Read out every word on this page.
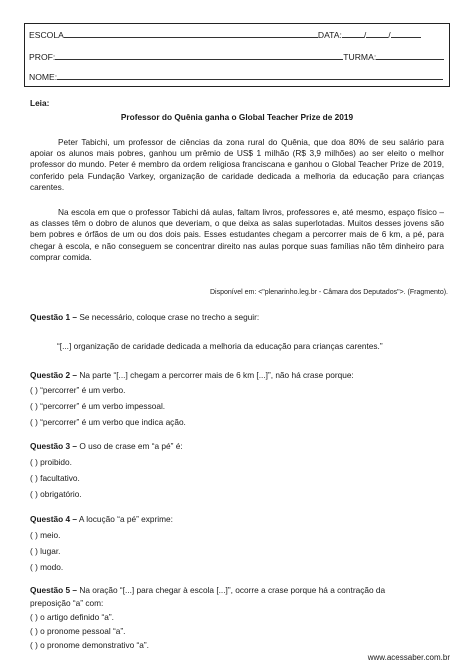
ESCOLA	DATA:	/	/
PROF:	TURMA:
NOME:
Leia:
Professor do Quênia ganha o Global Teacher Prize de 2019
Peter Tabichi, um professor de ciências da zona rural do Quênia, que doa 80% de seu salário para apoiar os alunos mais pobres, ganhou um prêmio de US$ 1 milhão (R$ 3,9 milhões) ao ser eleito o melhor professor do mundo. Peter é membro da ordem religiosa franciscana e ganhou o Global Teacher Prize de 2019, conferido pela Fundação Varkey, organização de caridade dedicada a melhoria da educação para crianças carentes.
Na escola em que o professor Tabichi dá aulas, faltam livros, professores e, até mesmo, espaço físico – as classes têm o dobro de alunos que deveriam, o que deixa as salas superlotadas. Muitos desses jovens são bem pobres e órfãos de um ou dos dois pais. Esses estudantes chegam a percorrer mais de 6 km, a pé, para chegar à escola, e não conseguem se concentrar direito nas aulas porque suas famílias não têm dinheiro para comprar comida.
Disponível em: <"plenarinho.leg.br - Câmara dos Deputados">. (Fragmento).
Questão 1 – Se necessário, coloque crase no trecho a seguir:
“[...] organização de caridade dedicada a melhoria da educação para crianças carentes.”
Questão 2 – Na parte “[...] chegam a percorrer mais de 6 km [...]”, não há crase porque:
( ) “percorrer” é um verbo.
( ) “percorrer” é um verbo impessoal.
( ) “percorrer” é um verbo que indica ação.
Questão 3 – O uso de crase em “a pé” é:
( ) proibido.
( ) facultativo.
( ) obrigatório.
Questão 4 – A locução “a pé” exprime:
( ) meio.
( ) lugar.
( ) modo.
Questão 5 – Na oração “[...] para chegar à escola [...]”, ocorre a crase porque há a contração da
preposição “a” com:
( ) o artigo definido “a”.
( ) o pronome pessoal “a”.
( ) o pronome demonstrativo “a”.
www.acessaber.com.br
